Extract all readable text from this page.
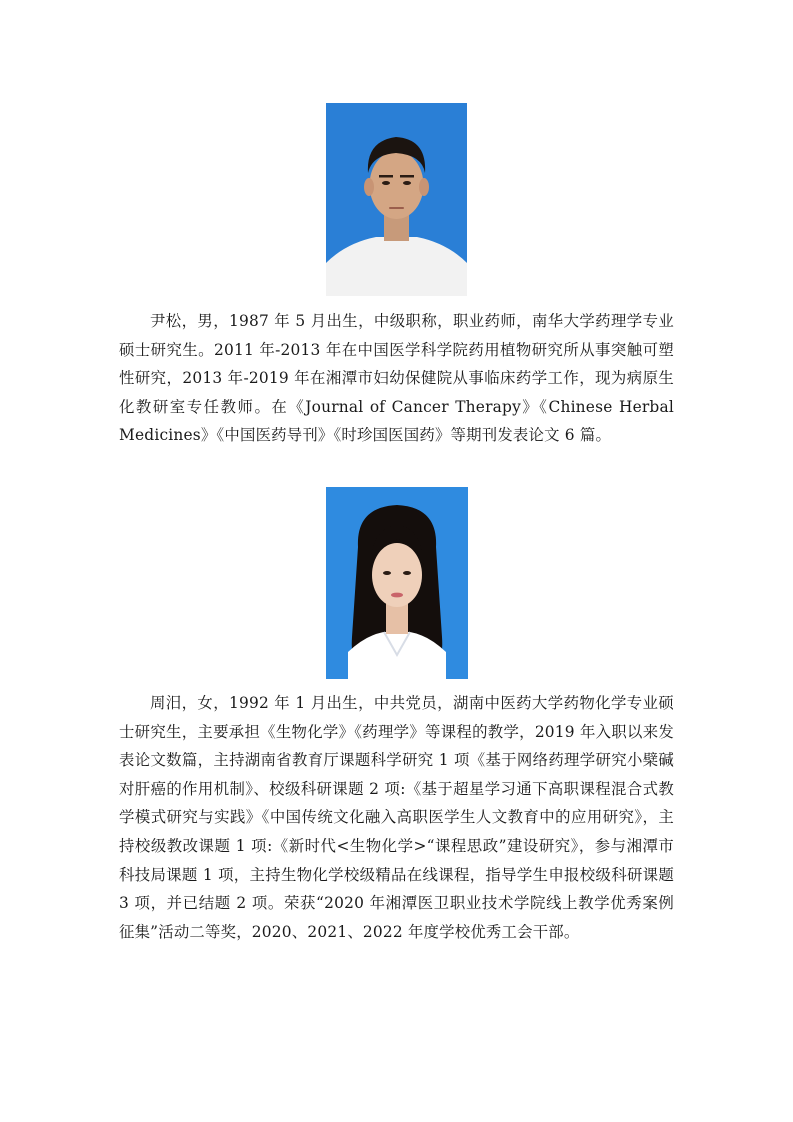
尹松，男，1987 年 5 月出生，中级职称，职业药师，南华大学药理学专业硕士研究生。2011 年-2013 年在中国医学科学院药用植物研究所从事突触可塑性研究，2013 年-2019 年在湘潭市妇幼保健院从事临床药学工作，现为病原生化教研室专任教师。在《Journal of Cancer Therapy》《Chinese Herbal Medicines》《中国医药导刊》《时珍国医国药》等期刊发表论文 6 篇。

周汨，女，1992 年 1 月出生，中共党员，湖南中医药大学药物化学专业硕士研究生，主要承担《生物化学》《药理学》等课程的教学，2019 年入职以来发表论文数篇，主持湖南省教育厅课题科学研究 1 项《基于网络药理学研究小檗碱对肝癌的作用机制》、校级科研课题 2 项:《基于超星学习通下高职课程混合式教学模式研究与实践》《中国传统文化融入高职医学生人文教育中的应用研究》，主持校级教改课题 1 项:《新时代<生物化学>“课程思政”建设研究》，参与湘潭市科技局课题 1 项，主持生物化学校级精品在线课程，指导学生申报校级科研课题 3 项，并已结题 2 项。荣获“2020 年湘潭医卫职业技术学院线上教学优秀案例征集”活动二等奖，2020、2021、2022 年度学校优秀工会干部。
